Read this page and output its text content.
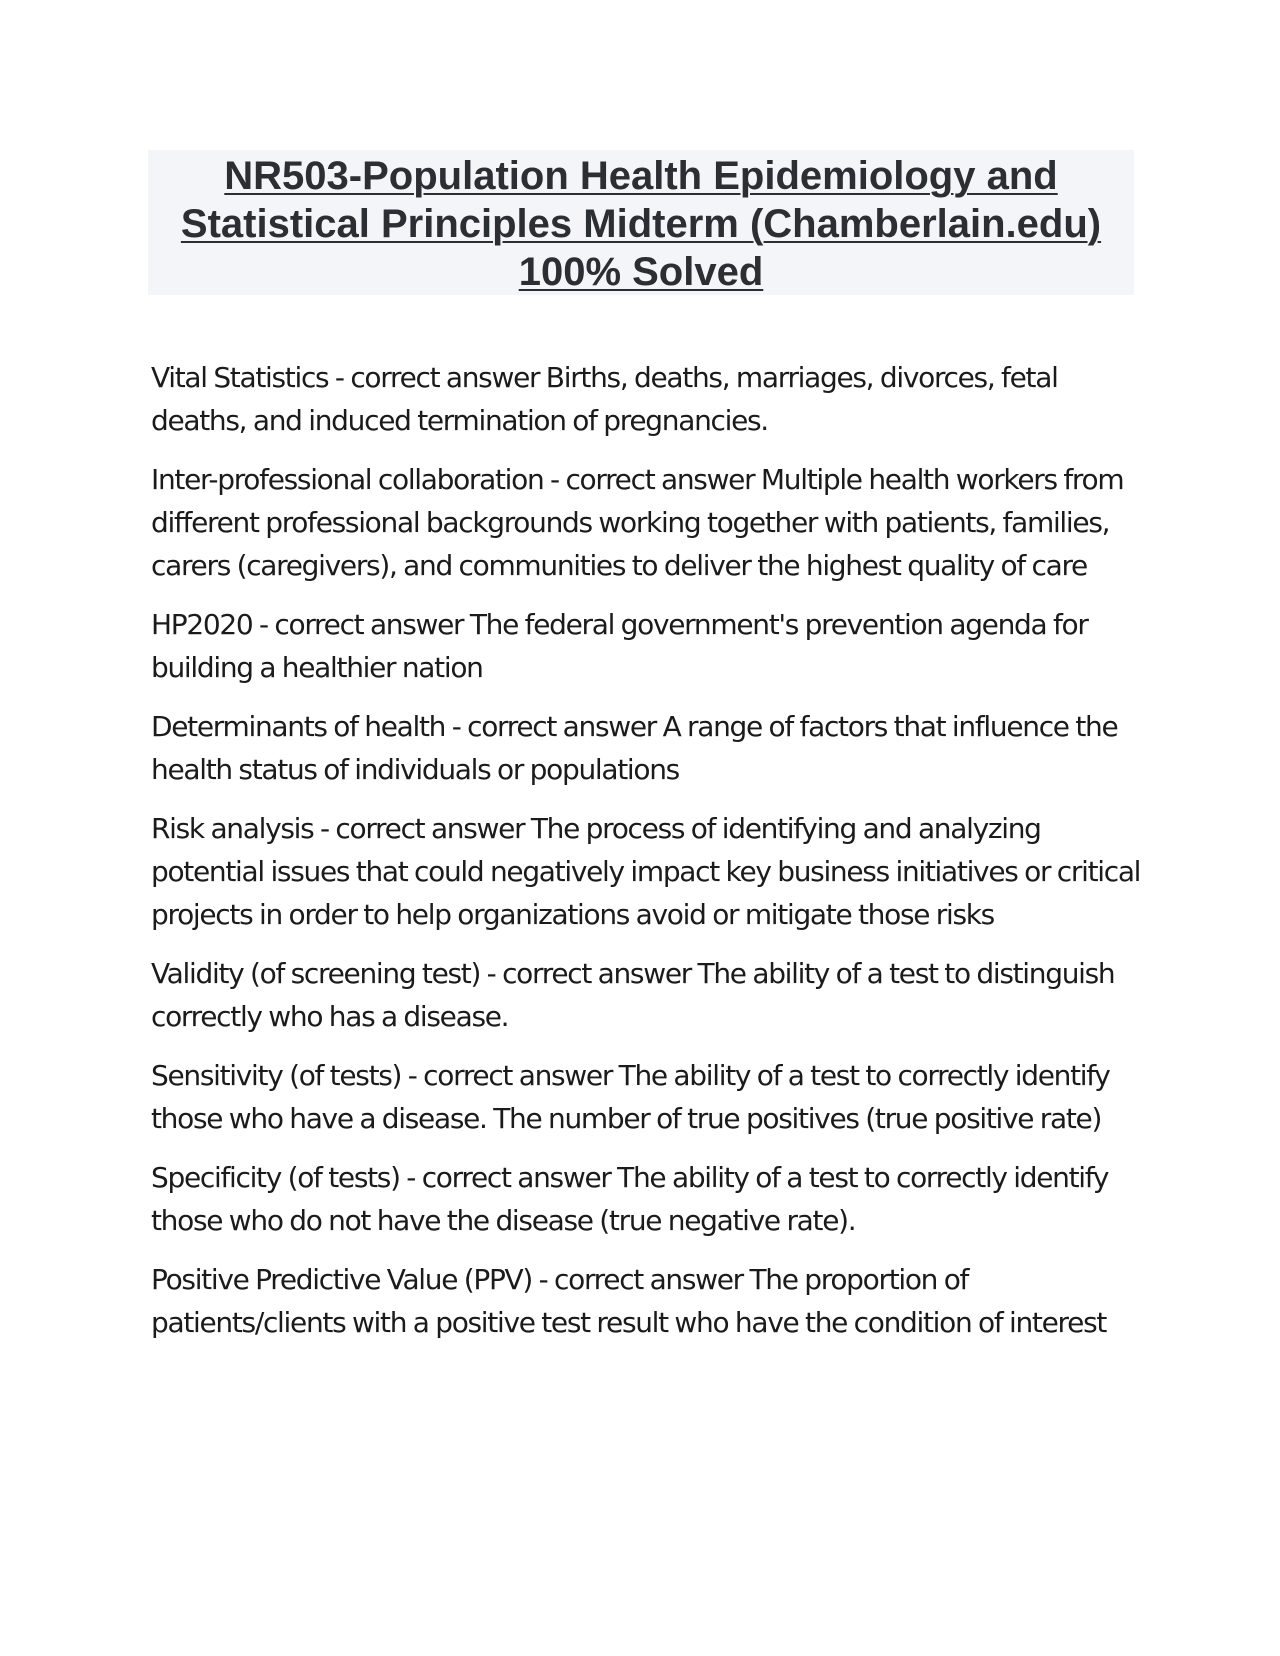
NR503-Population Health Epidemiology and Statistical Principles Midterm (Chamberlain.edu) 100% Solved

Vital Statistics - correct answer Births, deaths, marriages, divorces, fetal deaths, and induced termination of pregnancies.

Inter-professional collaboration - correct answer Multiple health workers from different professional backgrounds working together with patients, families, carers (caregivers), and communities to deliver the highest quality of care

HP2020 - correct answer The federal government's prevention agenda for building a healthier nation

Determinants of health - correct answer A range of factors that influence the health status of individuals or populations

Risk analysis - correct answer The process of identifying and analyzing potential issues that could negatively impact key business initiatives or critical projects in order to help organizations avoid or mitigate those risks

Validity (of screening test) - correct answer The ability of a test to distinguish correctly who has a disease.

Sensitivity (of tests) - correct answer The ability of a test to correctly identify those who have a disease. The number of true positives (true positive rate)

Specificity (of tests) - correct answer The ability of a test to correctly identify those who do not have the disease (true negative rate).

Positive Predictive Value (PPV) - correct answer The proportion of patients/clients with a positive test result who have the condition of interest
